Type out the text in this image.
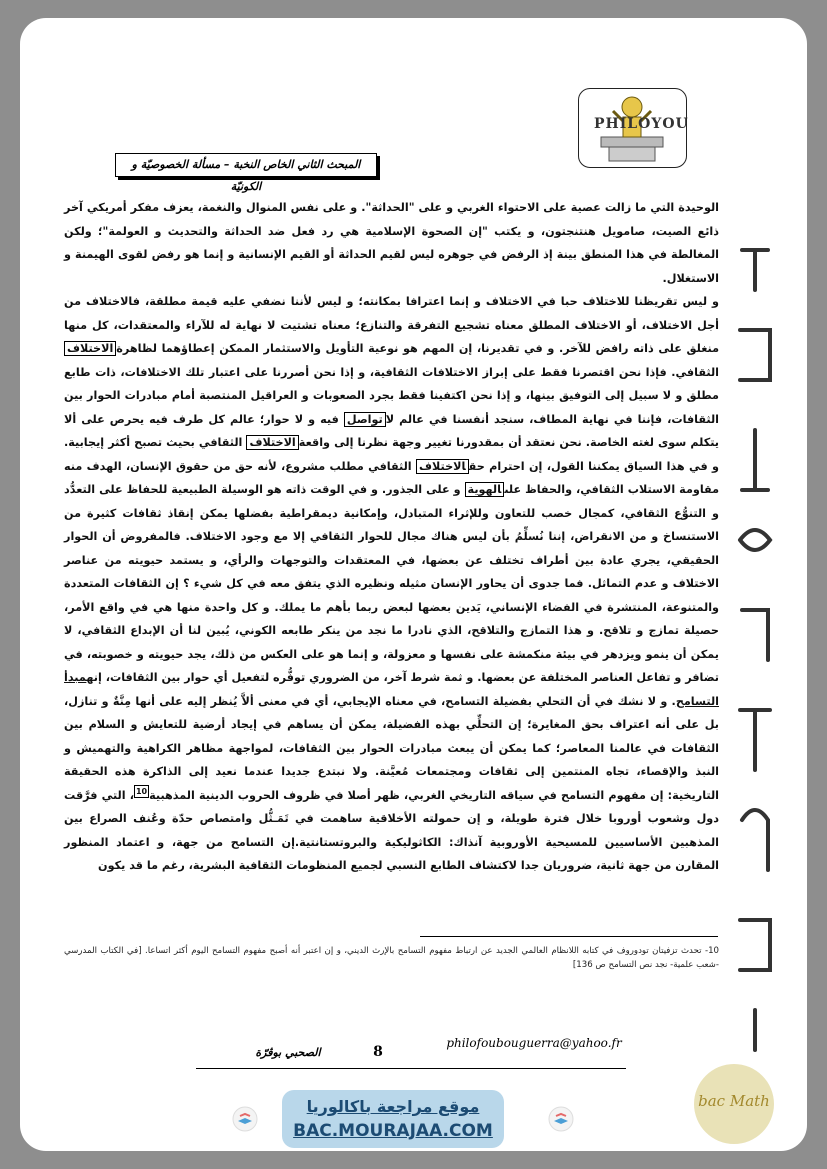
PHILOYOU
المبحث الثاني الخاص النخبة – مسألة الخصوصيّة و الكونيّة

الوحيدة التي ما زالت عصية على الاحتواء الغربي و على "الحداثة". و على نفس المنوال والنغمة، يعزف مفكر أمريكي آخر ذائع الصيت، صامويل هنتنجتون، و يكتب "إن الصحوة الإسلامية هي رد فعل ضد الحداثة والتحديث و العولمة"؛ ولكن المغالطة في هذا المنطق بينة إذ الرفض في جوهره ليس لقيم الحداثة أو القيم الإنسانية و إنما هو رفض لقوى الهيمنة و الاستغلال.

و ليس تقريظنا للاختلاف حبا في الاختلاف و إنما اعترافا بمكانته؛ و ليس لأننا نضفي عليه قيمة مطلقة، فالاختلاف من أجل الاختلاف، أو الاختلاف المطلق معناه تشجيع التفرقة والتنازع؛ معناه تشتيت لا نهاية له للآراء والمعتقدات، كل منها منغلق على ذاته رافض للآخر. و في تقديرنا، إن المهم هو نوعية التأويل والاستثمار الممكن إعطاؤهما لظاهرةالاختلاف الثقافي. فإذا نحن اقتصرنا فقط على إبراز الاختلافات الثقافية، و إذا نحن أصررنا على اعتبار تلك الاختلافات، ذات طابع مطلق و لا سبيل إلى التوفيق بينها، و إذا نحن اكتفينا فقط بجرد الصعوبات و العراقيل المنتصبة أمام مبادرات الحوار بين الثقافات، فإننا في نهاية المطاف، سنجد أنفسنا في عالم لاتواصل فيه و لا حوار؛ عالم كل طرف فيه يحرص على ألا يتكلم سوى لغته الخاصة. نحن نعتقد أن بمقدورنا تغيير وجهة نظرنا إلى واقعةالاختلاف الثقافي بحيث تصبح أكثر إيجابية. و في هذا السياق يمكننا القول، إن احترام حقالاختلاف الثقافي مطلب مشروع، لأنه حق من حقوق الإنسان، الهدف منه مقاومة الاستلاب الثقافي، والحفاظ علىالهوية و على الجذور. و في الوقت ذاته هو الوسيلة الطبيعية للحفاظ على التعدُّد و التنوُّع الثقافي، كمجال خصب للتعاون وللإثراء المتبادل، وإمكانية ديمقراطية بفضلها يمكن إنقاذ ثقافات كثيرة من الاستنساخ و من الانقراض، إننا نُسلِّمُ بأن ليس هناك مجال للحوار الثقافي إلا مع وجود الاختلاف. فالمفروض أن الحوار الحقيقي، يجري عادة بين أطراف تختلف عن بعضها، في المعتقدات والتوجهات والرأي، و يستمد حيويته من عناصر الاختلاف و عدم التماثل. فما جدوى أن يحاور الإنسان مثيله ونظيره الذي يتفق معه في كل شيء ؟ إن الثقافات المتعددة والمتنوعة، المنتشرة في الفضاء الإنساني، يَدين بعضها لبعض ربما بأهم ما يملك. و كل واحدة منها هي في واقع الأمر، حصيلة تمازج و تلاقح. و هذا التمازج والتلاقح، الذي نادرا ما نجد من ينكر طابعه الكوني، يُبين لنا أن الإبداع الثقافي، لا يمكن أن ينمو ويزدهر في بيئة منكمشة على نفسها و معزولة، و إنما هو على العكس من ذلك، يجد حيويته و خصوبته، في تضافر و تفاعل العناصر المختلفة عن بعضها. و ثمة شرط آخر، من الضروري توفُّره لتفعيل أي حوار بين الثقافات، إنهمبدأ التسامح. و لا نشك في أن التحلي بفضيلة التسامح، في معناه الإيجابي، أي في معنى ألاَّ يُنظر إليه على أنها مِنَّةٌ و تنازل، بل على أنه اعتراف بحق المغايرة؛ إن التحلِّي بهذه الفضيلة، يمكن أن يساهم في إيجاد أرضية للتعايش و السلام بين الثقافات في عالمنا المعاصر؛ كما يمكن أن يبعث مبادرات الحوار بين الثقافات، لمواجهة مظاهر الكراهية والتهميش و النبذ والإقصاء، تجاه المنتمين إلى ثقافات ومجتمعات مُعيَّنة. ولا نبتدع جديدا عندما نعيد إلى الذاكرة هذه الحقيقة التاريخية: إن مفهوم التسامح في سياقه التاريخي الغربي، ظهر أصلا في ظروف الحروب الدينية المذهبية10، التي فرَّقت دول وشعوب أوروبا خلال فترة طويلة، و إن حمولته الأخلاقية ساهمت في تَمَـثُّل وامتصاص حدّة وعُنف الصراع بين المذهبين الأساسيين للمسيحية الأوروبية آنذاك: الكاثوليكية والبروتستانتية.إن التسامح من جهة، و اعتماد المنظور المقارن من جهة ثانية، ضروريان جدا لاكتشاف الطابع النسبي لجميع المنظومات الثقافية البشرية، رغم ما قد يكون

10- تحدث تزفيتان تودوروف في كتابه اللانظام العالمي الجديد عن ارتباط مفهوم التسامح بالإرث الديني، و إن اعتبر أنه أصبح مفهوم التسامح اليوم أكثر اتساعا. [في الكتاب المدرسي -شعب علمية- نجد نص التسامح ص 136]
philofoubouguerra@yahoo.fr
8
الصحبي بوڤرّة
موقع مراجعة باكالوريا
BAC.MOURAJAA.COM
bac Math
